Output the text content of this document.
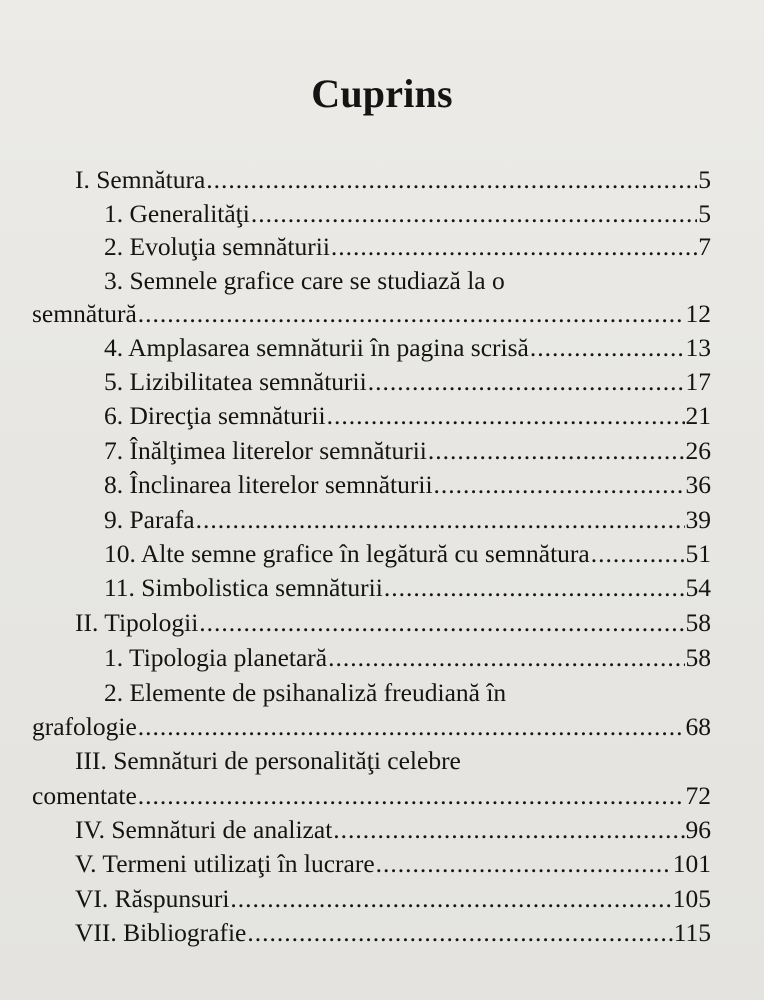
Cuprins
I. Semnătura .....	5
1. Generalităţi .....	5
2. Evoluţia semnăturii .....	7
3. Semnele grafice care se studiază la o
semnătură .....	12
4. Amplasarea semnăturii în pagina scrisă .....	13
5. Lizibilitatea semnăturii .....	17
6. Direcţia semnăturii .....	21
7. Înălţimea literelor semnăturii .....	26
8. Înclinarea literelor semnăturii .....	36
9. Parafa .....	39
10. Alte semne grafice în legătură cu semnătura .....	51
11. Simbolistica semnăturii .....	54
II. Tipologii .....	58
1. Tipologia planetară .....	58
2. Elemente de psihanaliză freudiană în
grafologie .....	68
III. Semnături de personalităţi celebre
comentate .....	72
IV. Semnături de analizat .....	96
V. Termeni utilizaţi în lucrare .....	101
VI. Răspunsuri .....	105
VII. Bibliografie .....	115
